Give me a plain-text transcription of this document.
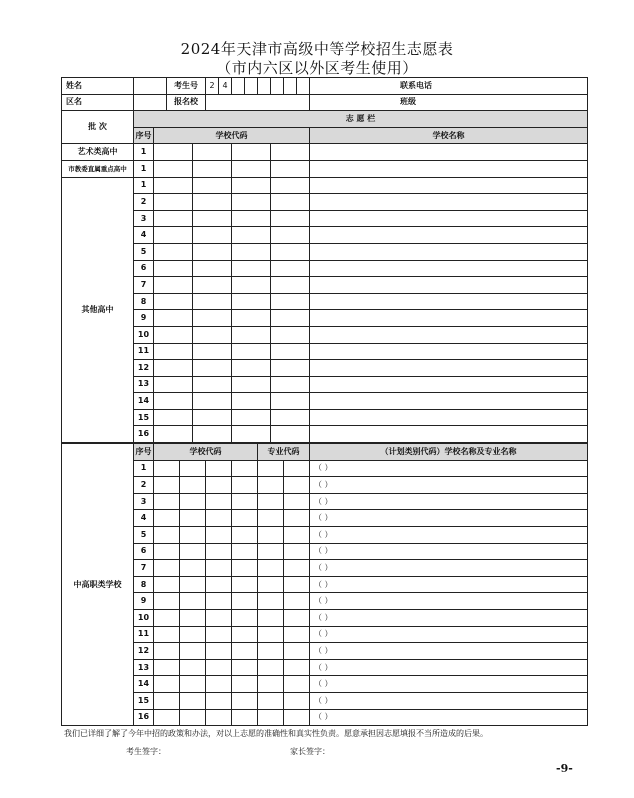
2024年天津市高级中等学校招生志愿表
（市内六区以外区考生使用）
姓名			考生号			2	4							联系电话
区名			报名校											班级
批 次	志 愿 栏													
	序号	学校代码												学校名称
艺术类高中	1													
市教委直属重点高中	1													
其他高中	1													
	2													
	3													
	4													
	5													
	6													
	7													
	8													
	9													
	10													
	11													
	12													
	13													
	14													
	15													
	16													
中高职类学校	序号	学校代码								专业代码				（计划类别代码）学校名称及专业名称
	1													（ ）
	2													（ ）
	3													（ ）
	4													（ ）
	5													（ ）
	6													（ ）
	7													（ ）
	8													（ ）
	9													（ ）
	10													（ ）
	11													（ ）
	12													（ ）
	13													（ ）
	14													（ ）
	15													（ ）
	16													（ ）
我们已详细了解了今年中招的政策和办法，对以上志愿的准确性和真实性负责。愿意承担因志愿填报不当所造成的后果。
考生签字：	家长签字：
-9-
